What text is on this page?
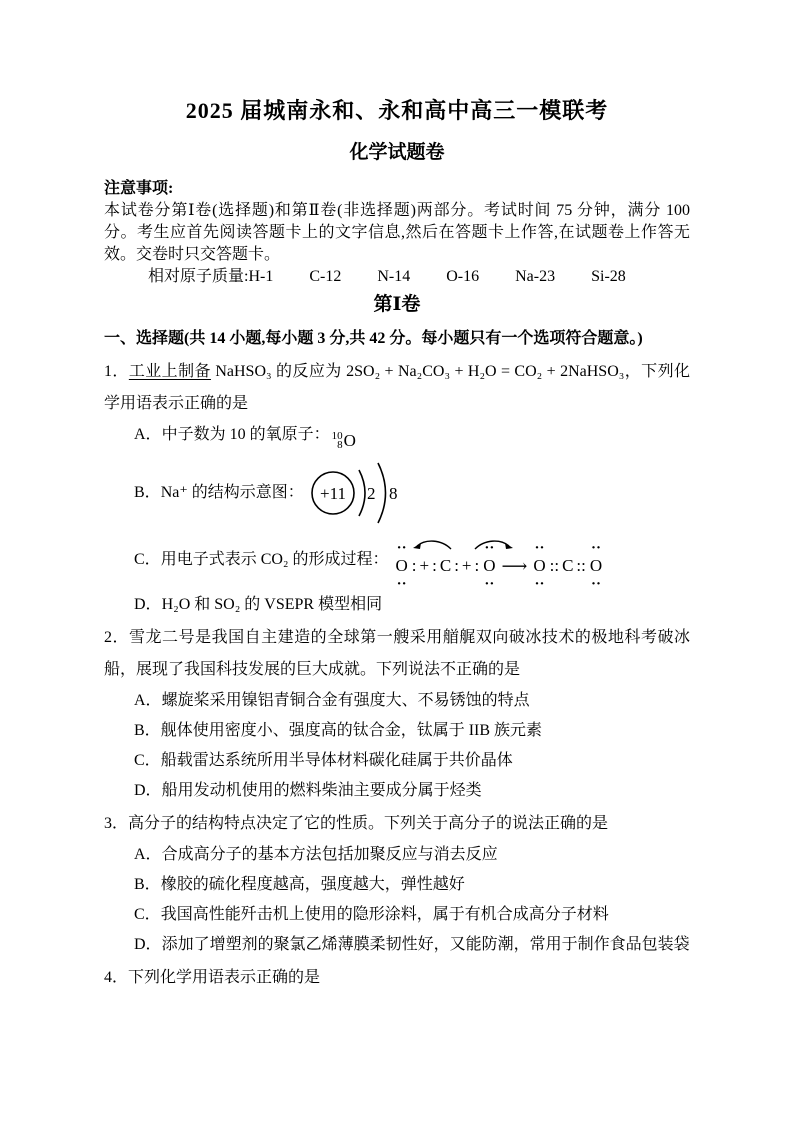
2025 届城南永和、永和高中高三一模联考
化学试题卷
注意事项:
本试卷分第Ⅰ卷(选择题)和第Ⅱ卷(非选择题)两部分。考试时间 75 分钟，满分 100 分。考生应首先阅读答题卡上的文字信息,然后在答题卡上作答,在试题卷上作答无效。交卷时只交答题卡。
相对原子质量:H-1 C-12 N-14 O-16 Na-23 Si-28
第Ⅰ卷
一、选择题(共 14 小题,每小题 3 分,共 42 分。每小题只有一个选项符合题意。)
1．工业上制备 NaHSO₃ 的反应为 2SO₂ + Na₂CO₃ + H₂O = CO₂ + 2NaHSO₃，下列化学用语表示正确的是
A．中子数为 10 的氧原子： 10
8 O
B． Na⁺ 的结构示意图： +11 2 8
C． 用电子式表示 CO₂ 的形成过程： ·· O ·· : + : C : + : ·· O ·· ⟶ ·· O ·· :: C :: ·· O ··
D．H₂O 和 SO₂ 的 VSEPR 模型相同
2．雪龙二号是我国自主建造的全球第一艘采用艏艉双向破冰技术的极地科考破冰船，展现了我国科技发展的巨大成就。下列说法不正确的是
A．螺旋桨采用镍铝青铜合金有强度大、不易锈蚀的特点
B．舰体使用密度小、强度高的钛合金，钛属于 IIB 族元素
C．船载雷达系统所用半导体材料碳化硅属于共价晶体
D．船用发动机使用的燃料柴油主要成分属于烃类
3．高分子的结构特点决定了它的性质。下列关于高分子的说法正确的是
A．合成高分子的基本方法包括加聚反应与消去反应
B．橡胶的硫化程度越高，强度越大，弹性越好
C．我国高性能歼击机上使用的隐形涂料，属于有机合成高分子材料
D．添加了增塑剂的聚氯乙烯薄膜柔韧性好，又能防潮，常用于制作食品包装袋
4．下列化学用语表示正确的是
